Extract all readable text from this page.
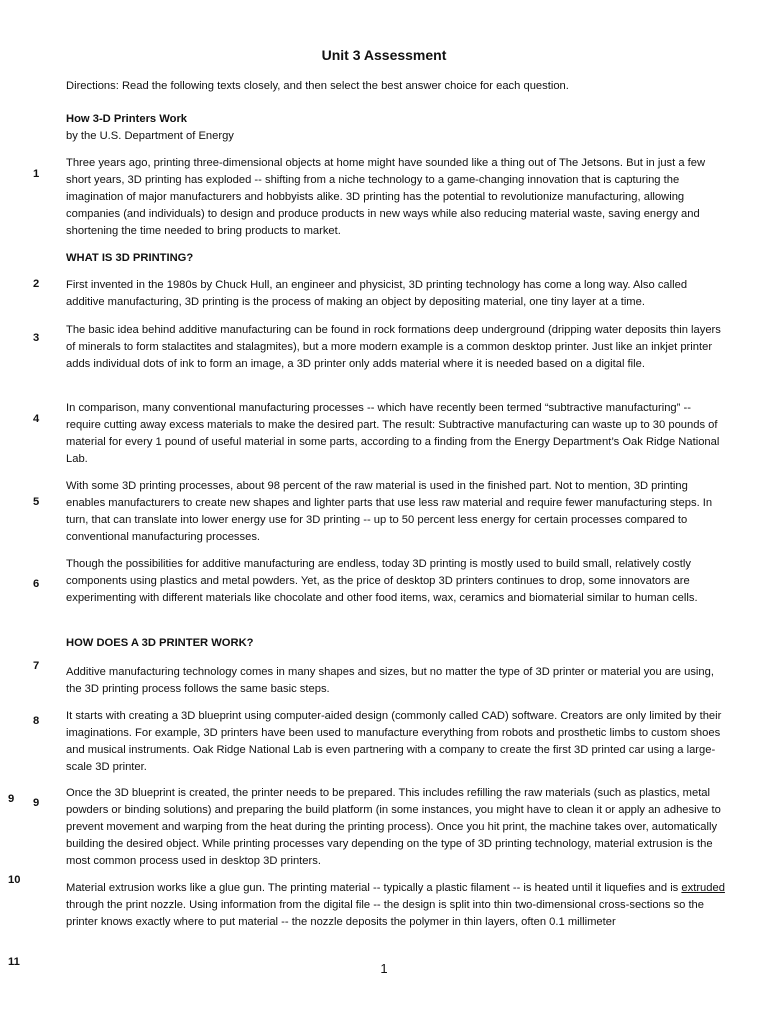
Unit 3 Assessment
Directions: Read the following texts closely, and then select the best answer choice for each question.
How 3-D Printers Work
by the U.S. Department of Energy
1
Three years ago, printing three-dimensional objects at home might have sounded like a thing out of The Jetsons. But in just a few short years, 3D printing has exploded -- shifting from a niche technology to a game-changing innovation that is capturing the imagination of major manufacturers and hobbyists alike. 3D printing has the potential to revolutionize manufacturing, allowing companies (and individuals) to design and produce products in new ways while also reducing material waste, saving energy and shortening the time needed to bring products to market.
WHAT IS 3D PRINTING?
2 First invented in the 1980s by Chuck Hull, an engineer and physicist, 3D printing technology has come a long way. Also called additive manufacturing, 3D printing is the process of making an object by depositing material, one tiny layer at a time.
3
The basic idea behind additive manufacturing can be found in rock formations deep underground (dripping water deposits thin layers of minerals to form stalactites and stalagmites), but a more modern example is a common desktop printer. Just like an inkjet printer adds individual dots of ink to form an image, a 3D printer only adds material where it is needed based on a digital file.
4
In comparison, many conventional manufacturing processes -- which have recently been termed “subtractive manufacturing” -- require cutting away excess materials to make the desired part. The result: Subtractive manufacturing can waste up to 30 pounds of material for every 1 pound of useful material in some parts, according to a finding from the Energy Department’s Oak Ridge National Lab.
5
With some 3D printing processes, about 98 percent of the raw material is used in the finished part. Not to mention, 3D printing enables manufacturers to create new shapes and lighter parts that use less raw material and require fewer manufacturing steps. In turn, that can translate into lower energy use for 3D printing -- up to 50 percent less energy for certain processes compared to conventional manufacturing processes.
6
Though the possibilities for additive manufacturing are endless, today 3D printing is mostly used to build small, relatively costly components using plastics and metal powders. Yet, as the price of desktop 3D printers continues to drop, some innovators are experimenting with different materials like chocolate and other food items, wax, ceramics and biomaterial similar to human cells.
HOW DOES A 3D PRINTER WORK?
7 Additive manufacturing technology comes in many shapes and sizes, but no matter the type of 3D printer or material you are using, the 3D printing process follows the same basic steps.
8 It starts with creating a 3D blueprint using computer-aided design (commonly called CAD) software. Creators are only limited by their imaginations. For example, 3D printers have been used to manufacture everything from robots and prosthetic limbs to custom shoes and musical instruments. Oak Ridge National Lab is even partnering with a company to create the first 3D printed car using a large-scale 3D printer.
9 9
Once the 3D blueprint is created, the printer needs to be prepared. This includes refilling the raw materials (such as plastics, metal powders or binding solutions) and preparing the build platform (in some instances, you might have to clean it or apply an adhesive to prevent movement and warping from the heat during the printing process). Once you hit print, the machine takes over, automatically building the desired object. While printing processes vary depending on the type of 3D printing technology, material extrusion is the most common process used in desktop 3D printers.
10
Material extrusion works like a glue gun. The printing material -- typically a plastic filament -- is heated until it liquefies and is extruded through the print nozzle. Using information from the digital file -- the design is split into thin two-dimensional cross-sections so the printer knows exactly where to put material -- the nozzle deposits the polymer in thin layers, often 0.1 millimeter
11	1
